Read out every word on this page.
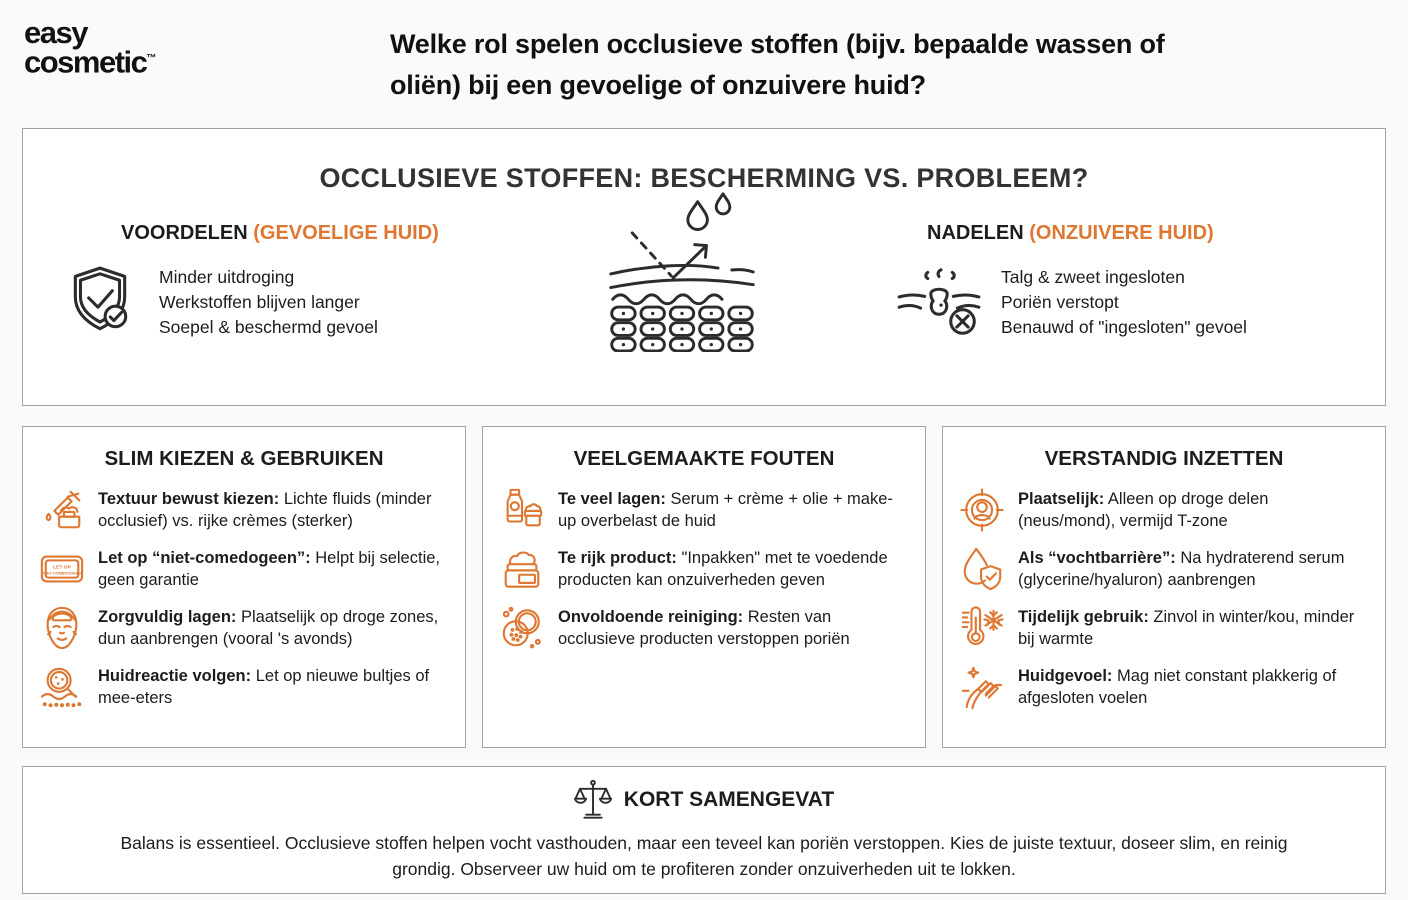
easy
cosmetic™	Welke rol spelen occlusieve stoffen (bijv. bepaalde wassen of
oliën) bij een gevoelige of onzuivere huid?
OCCLUSIEVE STOFFEN: BESCHERMING VS. PROBLEEM?
VOORDELEN (GEVOELIGE HUID)
Minder uitdroging
Werkstoffen blijven langer
Soepel & beschermd gevoel
NADELEN (ONZUIVERE HUID)
Talg & zweet ingesloten
Poriën verstopt
Benauwd of "ingesloten" gevoel
SLIM KIEZEN & GEBRUIKEN
Textuur bewust kiezen: Lichte fluids (minder occlusief) vs. rijke crèmes (sterker)
LET OP
“NIET-COMEDOGEEN”
Let op “niet-comedogeen”: Helpt bij selectie, geen garantie
Zorgvuldig lagen: Plaatselijk op droge zones, dun aanbrengen (vooral 's avonds)
Huidreactie volgen: Let op nieuwe bultjes of mee-eters
VEELGEMAAKTE FOUTEN
Te veel lagen: Serum + crème + olie + make-up overbelast de huid
Te rijk product: "Inpakken" met te voedende producten kan onzuiverheden geven
Onvoldoende reiniging: Resten van occlusieve producten verstoppen poriën
VERSTANDIG INZETTEN
Plaatselijk: Alleen op droge delen (neus/mond), vermijd T-zone
Als “vochtbarrière”: Na hydraterend serum (glycerine/hyaluron) aanbrengen
Tijdelijk gebruik: Zinvol in winter/kou, minder bij warmte
Huidgevoel: Mag niet constant plakkerig of afgesloten voelen
KORT SAMENGEVAT
Balans is essentieel. Occlusieve stoffen helpen vocht vasthouden, maar een teveel kan poriën verstoppen. Kies de juiste textuur, doseer slim, en reinig grondig. Observeer uw huid om te profiteren zonder onzuiverheden uit te lokken.
